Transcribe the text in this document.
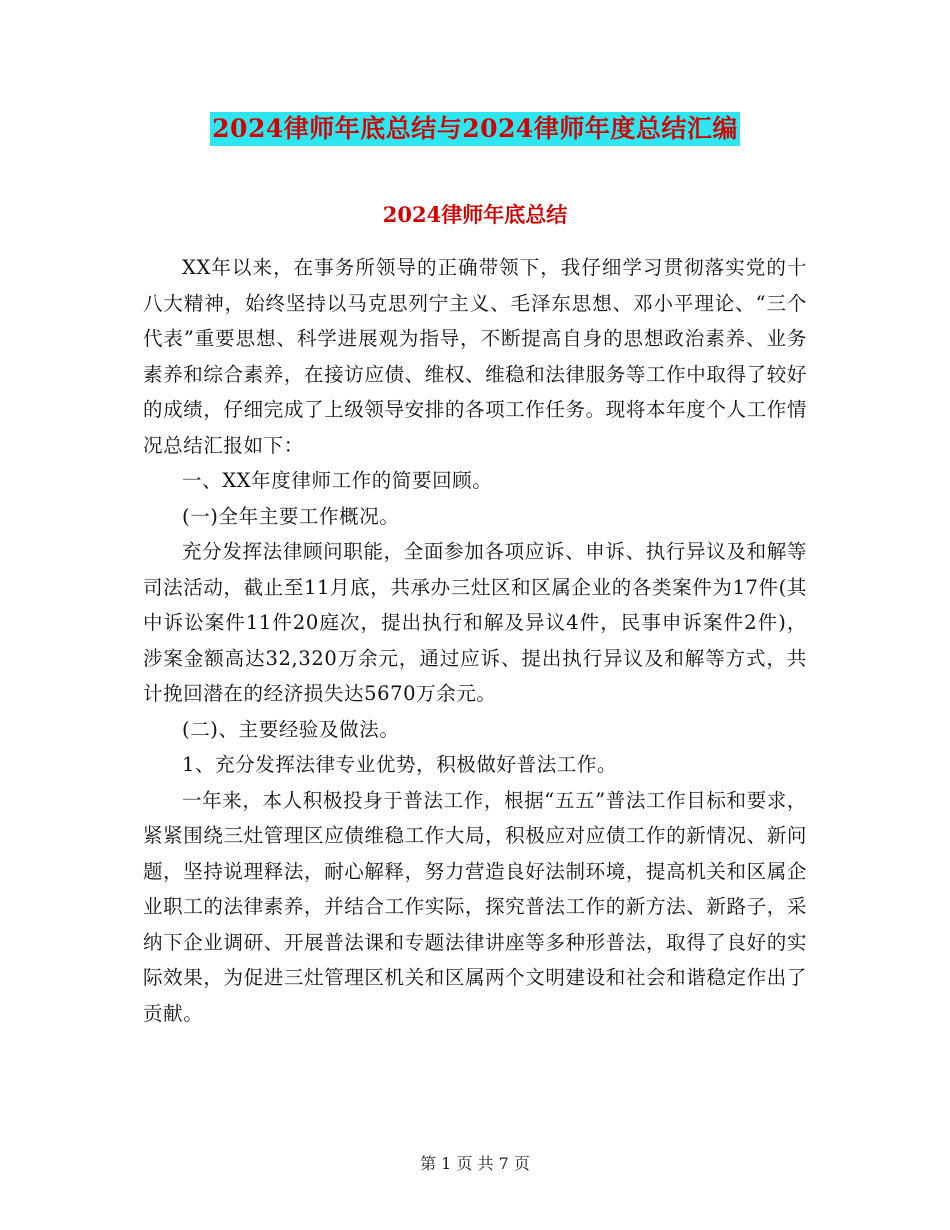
2024律师年底总结与2024律师年度总结汇编
2024律师年底总结

XX年以来，在事务所领导的正确带领下，我仔细学习贯彻落实党的十八大精神，始终坚持以马克思列宁主义、毛泽东思想、邓小平理论、“三个代表”重要思想、科学进展观为指导，不断提高自身的思想政治素养、业务素养和综合素养，在接访应债、维权、维稳和法律服务等工作中取得了较好的成绩，仔细完成了上级领导安排的各项工作任务。现将本年度个人工作情况总结汇报如下：

一、XX年度律师工作的简要回顾。

(一)全年主要工作概况。

充分发挥法律顾问职能，全面参加各项应诉、申诉、执行异议及和解等司法活动，截止至11月底，共承办三灶区和区属企业的各类案件为17件(其中诉讼案件11件20庭次，提出执行和解及异议4件，民事申诉案件2件)，涉案金额高达32,320万余元，通过应诉、提出执行异议及和解等方式，共计挽回潜在的经济损失达5670万余元。

(二)、主要经验及做法。

1、充分发挥法律专业优势，积极做好普法工作。

一年来，本人积极投身于普法工作，根据“五五”普法工作目标和要求，紧紧围绕三灶管理区应债维稳工作大局，积极应对应债工作的新情况、新问题，坚持说理释法，耐心解释，努力营造良好法制环境，提高机关和区属企业职工的法律素养，并结合工作实际，探究普法工作的新方法、新路子，采纳下企业调研、开展普法课和专题法律讲座等多种形普法，取得了良好的实际效果，为促进三灶管理区机关和区属两个文明建设和社会和谐稳定作出了贡献。

第 1 页 共 7 页
